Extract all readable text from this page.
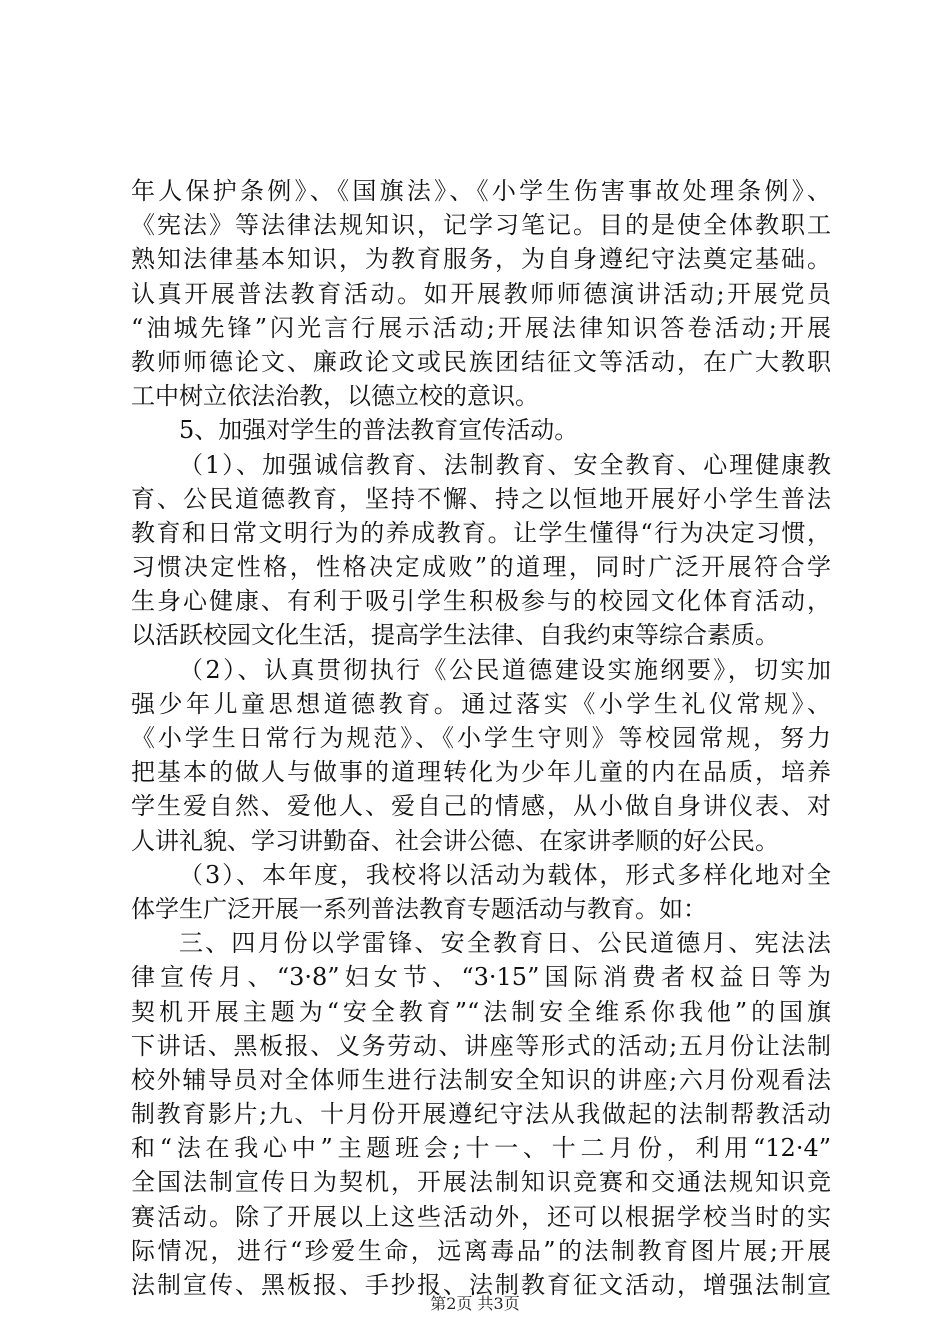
年人保护条例》、《国旗法》、《小学生伤害事故处理条例》、
《宪法》等法律法规知识，记学习笔记。目的是使全体教职工
熟知法律基本知识，为教育服务，为自身遵纪守法奠定基础。
认真开展普法教育活动。如开展教师师德演讲活动;开展党员
“油城先锋”闪光言行展示活动;开展法律知识答卷活动;开展
教师师德论文、廉政论文或民族团结征文等活动，在广大教职
工中树立依法治教，以德立校的意识。
5、加强对学生的普法教育宣传活动。
（1）、加强诚信教育、法制教育、安全教育、心理健康教
育、公民道德教育，坚持不懈、持之以恒地开展好小学生普法
教育和日常文明行为的养成教育。让学生懂得“行为决定习惯，
习惯决定性格，性格决定成败”的道理，同时广泛开展符合学
生身心健康、有利于吸引学生积极参与的校园文化体育活动，
以活跃校园文化生活，提高学生法律、自我约束等综合素质。
（2）、认真贯彻执行《公民道德建设实施纲要》，切实加
强少年儿童思想道德教育。通过落实《小学生礼仪常规》、
《小学生日常行为规范》、《小学生守则》等校园常规，努力
把基本的做人与做事的道理转化为少年儿童的内在品质，培养
学生爱自然、爱他人、爱自己的情感，从小做自身讲仪表、对
人讲礼貌、学习讲勤奋、社会讲公德、在家讲孝顺的好公民。
（3）、本年度，我校将以活动为载体，形式多样化地对全
体学生广泛开展一系列普法教育专题活动与教育。如：
三、四月份以学雷锋、安全教育日、公民道德月、宪法法
律宣传月、“3·8”妇女节、“3·15”国际消费者权益日等为
契机开展主题为“安全教育”“法制安全维系你我他”的国旗
下讲话、黑板报、义务劳动、讲座等形式的活动;五月份让法制
校外辅导员对全体师生进行法制安全知识的讲座;六月份观看法
制教育影片;九、十月份开展遵纪守法从我做起的法制帮教活动
和“法在我心中”主题班会;十一、十二月份，利用“12·4”
全国法制宣传日为契机，开展法制知识竞赛和交通法规知识竞
赛活动。除了开展以上这些活动外，还可以根据学校当时的实
际情况，进行“珍爱生命，远离毒品”的法制教育图片展;开展
法制宣传、黑板报、手抄报、法制教育征文活动，增强法制宣
第2页 共3页
